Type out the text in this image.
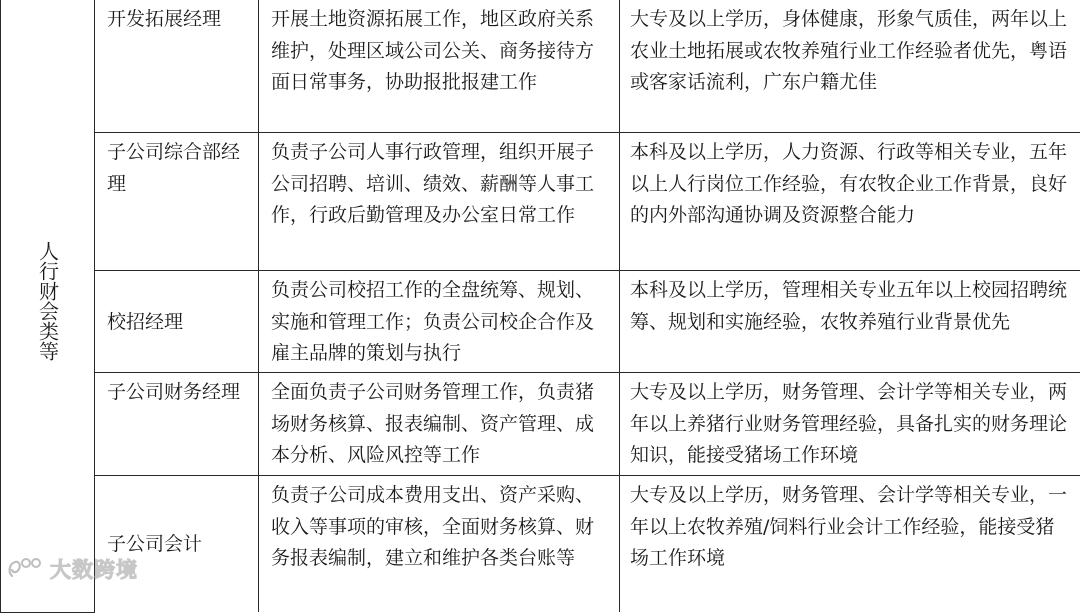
人行财会类等	开发拓展经理	开展土地资源拓展工作，地区政府关系维护，处理区域公司公关、商务接待方面日常事务，协助报批报建工作	大专及以上学历，身体健康，形象气质佳，两年以上农业土地拓展或农牧养殖行业工作经验者优先，粤语或客家话流利，广东户籍尤佳
	子公司综合部经理	负责子公司人事行政管理，组织开展子公司招聘、培训、绩效、薪酬等人事工作，行政后勤管理及办公室日常工作	本科及以上学历，人力资源、行政等相关专业，五年以上人行岗位工作经验，有农牧企业工作背景，良好的内外部沟通协调及资源整合能力
	校招经理	负责公司校招工作的全盘统筹、规划、实施和管理工作；负责公司校企合作及雇主品牌的策划与执行	本科及以上学历，管理相关专业五年以上校园招聘统筹、规划和实施经验，农牧养殖行业背景优先
	子公司财务经理	全面负责子公司财务管理工作，负责猪场财务核算、报表编制、资产管理、成本分析、风险风控等工作	大专及以上学历，财务管理、会计学等相关专业，两年以上养猪行业财务管理经验，具备扎实的财务理论知识，能接受猪场工作环境
	子公司会计	负责子公司成本费用支出、资产采购、收入等事项的审核，全面财务核算、财务报表编制，建立和维护各类台账等	大专及以上学历，财务管理、会计学等相关专业，一年以上农牧养殖/饲料行业会计工作经验，能接受猪场工作环境
大数跨境
